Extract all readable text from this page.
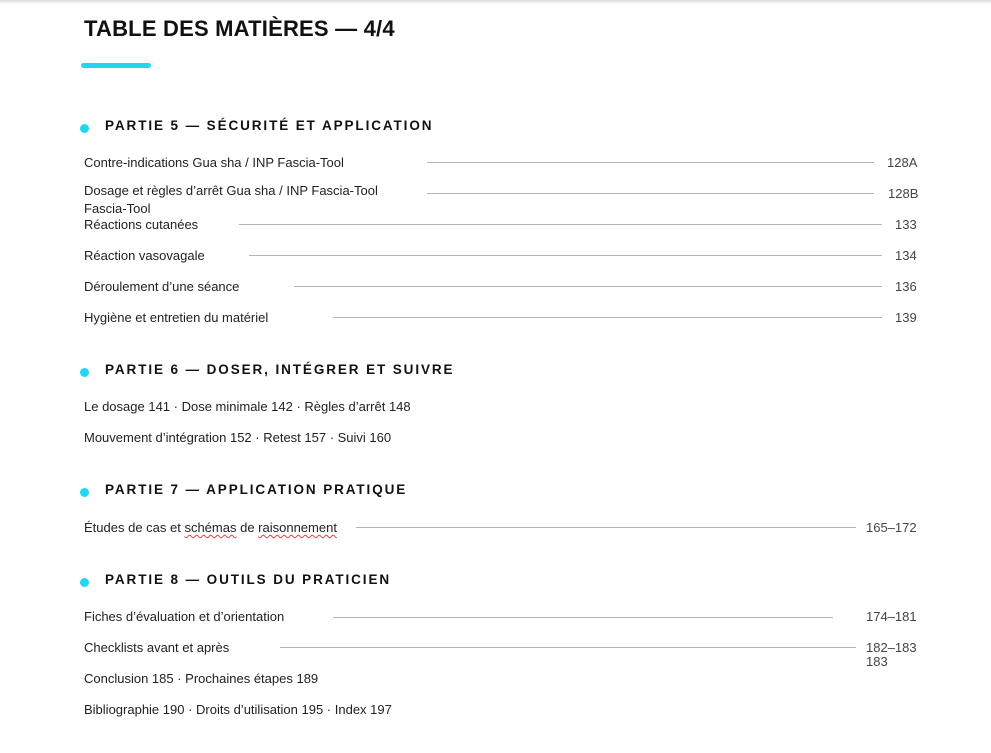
TABLE DES MATIÈRES — 4/4
PARTIE 5 — SÉCURITÉ ET APPLICATION
Contre-indications Gua sha / INP Fascia-Tool	128A
Dosage et règles d’arrêt Gua sha / INP Fascia-Tool	128B
Fascia-Tool
Réactions cutanées	133
Réaction vasovagale	134
Déroulement d’une séance	136
Hygiène et entretien du matériel	139
PARTIE 6 — DOSER, INTÉGRER ET SUIVRE
Le dosage 141 · Dose minimale 142 · Règles d’arrêt 148
Mouvement d’intégration 152 · Retest 157 · Suivi 160
PARTIE 7 — APPLICATION PRATIQUE
Études de cas et schémas de raisonnement	165–172
PARTIE 8 — OUTILS DU PRATICIEN
Fiches d’évaluation et d’orientation	174–181
Checklists avant et après	182–183
183
Conclusion 185 · Prochaines étapes 189
Bibliographie 190 · Droits d’utilisation 195 · Index 197
